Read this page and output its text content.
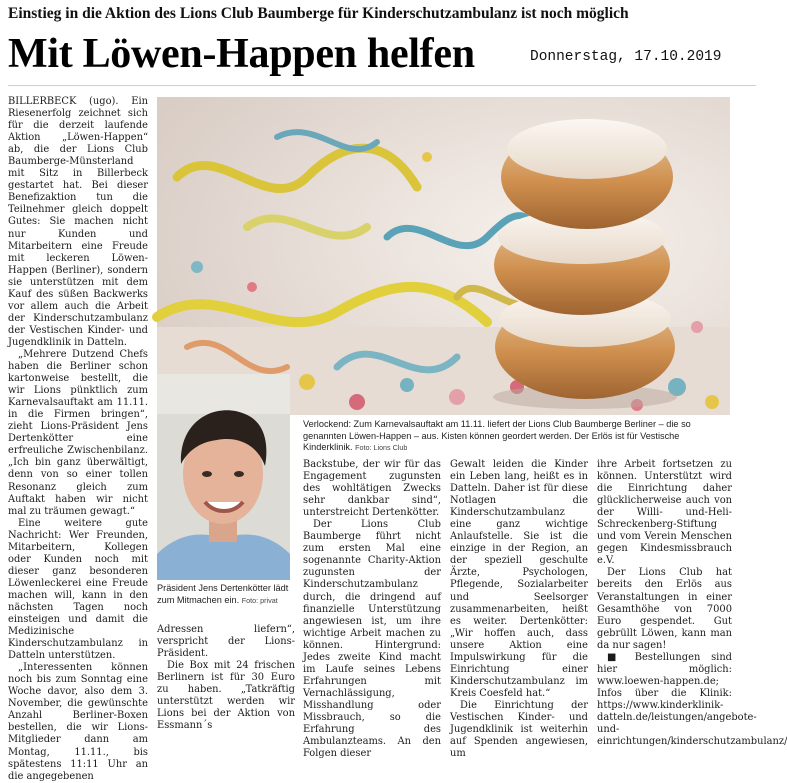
Einstieg in die Aktion des Lions Club Baumberge für Kinderschutzambulanz ist noch möglich
Mit Löwen-Happen helfen	Donnerstag, 17.10.2019

BILLERBECK (ugo). Ein Riesenerfolg zeichnet sich für die derzeit laufende Aktion „Löwen-Happen“ ab, die der Lions Club Baumberge-Münsterland mit Sitz in Billerbeck gestartet hat. Bei dieser Benefizaktion tun die Teilnehmer gleich doppelt Gutes: Sie machen nicht nur Kunden und Mitarbeitern eine Freude mit leckeren Löwen-Happen (Berliner), sondern sie unterstützen mit dem Kauf des süßen Backwerks vor allem auch die Arbeit der Kinderschutzambulanz der Vestischen Kinder- und Jugendklinik in Datteln.

„Mehrere Dutzend Chefs haben die Berliner schon kartonweise bestellt, die wir Lions pünktlich zum Karnevalsauftakt am 11.11. in die Firmen bringen“, zieht Lions-Präsident Jens Dertenkötter eine erfreuliche Zwischenbilanz. „Ich bin ganz überwältigt, denn von so einer tollen Resonanz gleich zum Auftakt haben wir nicht mal zu träumen gewagt.“

Eine weitere gute Nachricht: Wer Freunden, Mitarbeitern, Kollegen oder Kunden noch mit dieser ganz besonderen Löwenleckerei eine Freude machen will, kann in den nächsten Tagen noch einsteigen und damit die Medizinische Kinderschutzambulanz in Datteln unterstützen.

„Interessenten können noch bis zum Sonntag eine Woche davor, also dem 3. November, die gewünschte Anzahl Berliner-Boxen bestellen, die wir Lions-Mitglieder dann am Montag, 11.11., bis spätestens 11:11 Uhr an die angegebenen

Verlockend: Zum Karnevalsauftakt am 11.11. liefert der Lions Club Baumberge Berliner – die so genannten Löwen-Happen – aus. Kisten können geordert werden. Der Erlös ist für Vestische Kinderklinik. Foto: Lions Club
Präsident Jens Dertenkötter lädt zum Mitmachen ein. Foto: privat

Adressen liefern“, verspricht der Lions-Präsident.

Die Box mit 24 frischen Berlinern ist für 30 Euro zu haben. „Tatkräftig unterstützt werden wir Lions bei der Aktion von Essmann´s

Backstube, der wir für das Engagement zugunsten des wohltätigen Zwecks sehr dankbar sind“, unterstreicht Dertenkötter.

Der Lions Club Baumberge führt nicht zum ersten Mal eine sogenannte Charity-Aktion zugunsten der Kinderschutzambulanz durch, die dringend auf finanzielle Unterstützung angewiesen ist, um ihre wichtige Arbeit machen zu können. Hintergrund: Jedes zweite Kind macht im Laufe seines Lebens Erfahrungen mit Vernachlässigung, Misshandlung oder Missbrauch, so die Erfahrung des Ambulanzteams. An den Folgen dieser

Gewalt leiden die Kinder ein Leben lang, heißt es in Datteln. Daher ist für diese Notlagen die Kinderschutzambulanz eine ganz wichtige Anlaufstelle. Sie ist die einzige in der Region, an der speziell geschulte Ärzte, Psychologen, Pflegende, Sozialarbeiter und Seelsorger zusammenarbeiten, heißt es weiter. Dertenkötter: „Wir hoffen auch, dass unsere Aktion eine Impulswirkung für die Einrichtung einer Kinderschutzambulanz im Kreis Coesfeld hat.“

Die Einrichtung der Vestischen Kinder- und Jugendklinik ist weiterhin auf Spenden angewiesen, um

ihre Arbeit fortsetzen zu können. Unterstützt wird die Einrichtung daher glücklicherweise auch von der Willi- und-Heli-Schreckenberg-Stiftung und vom Verein Menschen gegen Kindesmissbrauch e.V.

Der Lions Club hat bereits den Erlös aus Veranstaltungen in einer Gesamthöhe von 7000 Euro gespendet. Gut gebrüllt Löwen, kann man da nur sagen!

■ Bestellungen sind hier möglich: www.loewen-happen.de; Infos über die Klinik: https://www.kinderklinik-datteln.de/leistungen/angebote-und-einrichtungen/kinderschutzambulanz/
